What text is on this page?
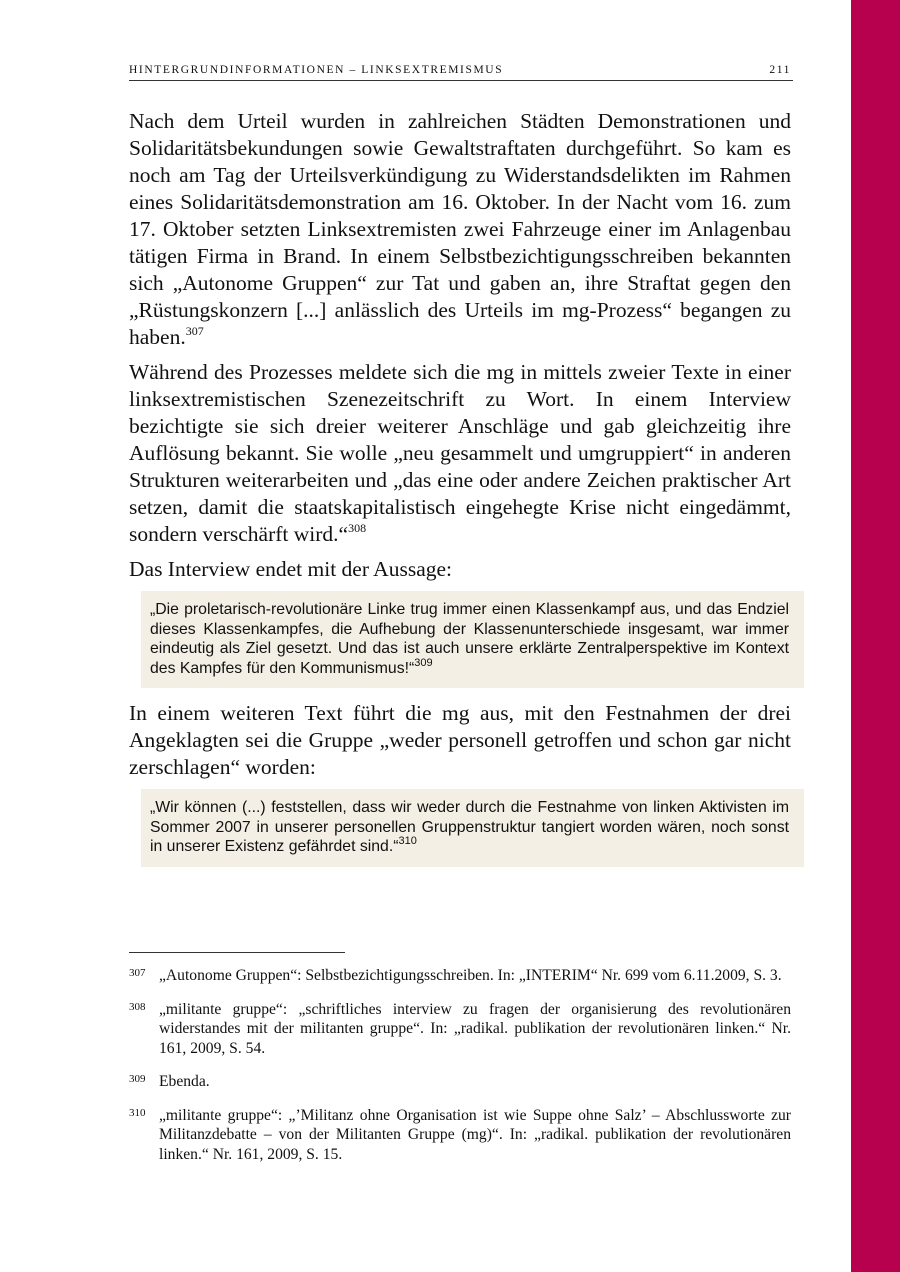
HINTERGRUNDINFORMATIONEN – LINKSEXTREMISMUS	211

Nach dem Urteil wurden in zahlreichen Städten Demonstrationen und Solidaritätsbekundungen sowie Gewaltstraftaten durchgeführt. So kam es noch am Tag der Urteilsverkündigung zu Widerstandsdelikten im Rahmen eines Solidaritätsdemonstration am 16. Oktober. In der Nacht vom 16. zum 17. Oktober setzten Linksextremisten zwei Fahrzeuge einer im Anlagenbau tätigen Firma in Brand. In einem Selbstbezichtigungsschreiben bekannten sich „Autonome Gruppen“ zur Tat und gaben an, ihre Straftat gegen den „Rüstungskonzern [...] anlässlich des Urteils im mg-Prozess“ begangen zu haben.$^{307}$

Während des Prozesses meldete sich die mg in mittels zweier Texte in einer linksextremistischen Szenezeitschrift zu Wort. In einem Interview bezichtigte sie sich dreier weiterer Anschläge und gab gleichzeitig ihre Auflösung bekannt. Sie wolle „neu gesammelt und umgruppiert“ in anderen Strukturen weiterarbeiten und „das eine oder andere Zeichen praktischer Art setzen, damit die staatskapitalistisch eingehegte Krise nicht eingedämmt, sondern verschärft wird.“$^{308}$

Das Interview endet mit der Aussage:

„Die proletarisch-revolutionäre Linke trug immer einen Klassenkampf aus, und das Endziel dieses Klassenkampfes, die Aufhebung der Klassenunterschiede insgesamt, war immer eindeutig als Ziel gesetzt. Und das ist auch unsere erklärte Zentralperspektive im Kontext des Kampfes für den Kommunismus!“$^{309}$

In einem weiteren Text führt die mg aus, mit den Festnahmen der drei Angeklagten sei die Gruppe „weder personell getroffen und schon gar nicht zerschlagen“ worden:

„Wir können (...) feststellen, dass wir weder durch die Festnahme von linken Aktivisten im Sommer 2007 in unserer personellen Gruppenstruktur tangiert worden wären, noch sonst in unserer Existenz gefährdet sind.“$^{310}$
307 „Autonome Gruppen“: Selbstbezichtigungsschreiben. In: „INTERIM“ Nr. 699 vom 6.11.2009, S. 3.
308 „militante gruppe“: „schriftliches interview zu fragen der organisierung des revolutionären widerstandes mit der militanten gruppe“. In: „radikal. publikation der revolutionären linken.“ Nr. 161, 2009, S. 54.
309 Ebenda.
310 „militante gruppe“: „’Militanz ohne Organisation ist wie Suppe ohne Salz’ – Abschlussworte zur Militanzdebatte – von der Militanten Gruppe (mg)“. In: „radikal. publikation der revolutionären linken.“ Nr. 161, 2009, S. 15.
